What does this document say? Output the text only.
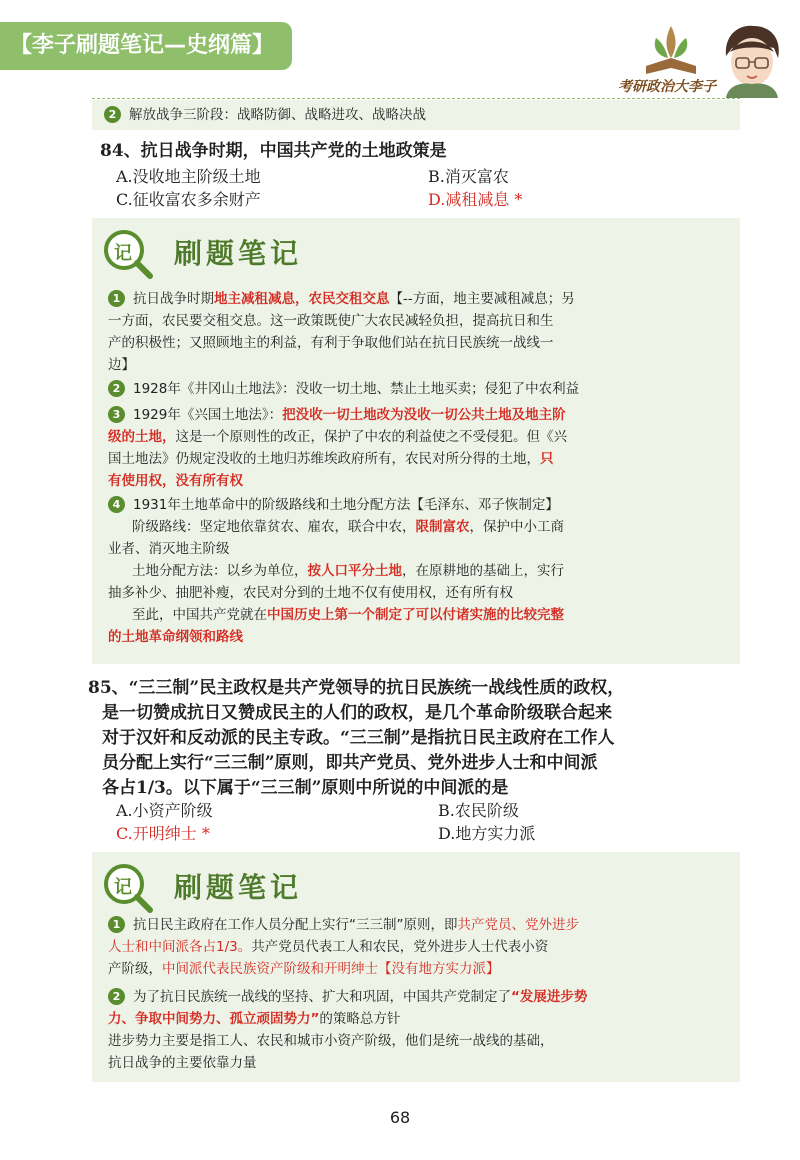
【李子刷题笔记—史纲篇】
考研政治大李子
2 解放战争三阶段：战略防御、战略进攻、战略决战
84、抗日战争时期，中国共产党的土地政策是
A.没收地主阶级土地	B.消灭富农
C.征收富农多余财产	D.减租减息 *
记 刷题笔记
1 抗日战争时期地主减租减息，农民交租交息【--方面，地主要减租减息；另
一方面，农民要交租交息。这一政策既使广大农民减轻负担，提高抗日和生
产的积极性；又照顾地主的利益，有利于争取他们站在抗日民族统一战线一
边】
2 1928年《井冈山土地法》：没收一切土地、禁止土地买卖；侵犯了中农利益
3 1929年《兴国土地法》：把没收一切土地改为没收一切公共土地及地主阶
级的土地，这是一个原则性的改正，保护了中农的利益使之不受侵犯。但《兴
国土地法》仍规定没收的土地归苏维埃政府所有，农民对所分得的土地，只
有使用权，没有所有权
4 1931年土地革命中的阶级路线和土地分配方法【毛泽东、邓子恢制定】
阶级路线：坚定地依靠贫农、雇农，联合中农，限制富农，保护中小工商
业者、消灭地主阶级
土地分配方法：以乡为单位，按人口平分土地，在原耕地的基础上，实行
抽多补少、抽肥补瘦，农民对分到的土地不仅有使用权，还有所有权
至此，中国共产党就在中国历史上第一个制定了可以付诸实施的比较完整
的土地革命纲领和路线
85、“三三制”民主政权是共产党领导的抗日民族统一战线性质的政权，
是一切赞成抗日又赞成民主的人们的政权，是几个革命阶级联合起来
对于汉奸和反动派的民主专政。“三三制”是指抗日民主政府在工作人
员分配上实行“三三制”原则，即共产党员、党外进步人士和中间派
各占1/3。以下属于“三三制”原则中所说的中间派的是
A.小资产阶级	B.农民阶级
C.开明绅士 *	D.地方实力派
记 刷题笔记
1 抗日民主政府在工作人员分配上实行“三三制”原则，即共产党员、党外进步
人士和中间派各占1/3。共产党员代表工人和农民，党外进步人士代表小资
产阶级，中间派代表民族资产阶级和开明绅士【没有地方实力派】
2 为了抗日民族统一战线的坚持、扩大和巩固，中国共产党制定了“发展进步势
力、争取中间势力、孤立顽固势力”的策略总方针
进步势力主要是指工人、农民和城市小资产阶级，他们是统一战线的基础，
抗日战争的主要依靠力量
68
